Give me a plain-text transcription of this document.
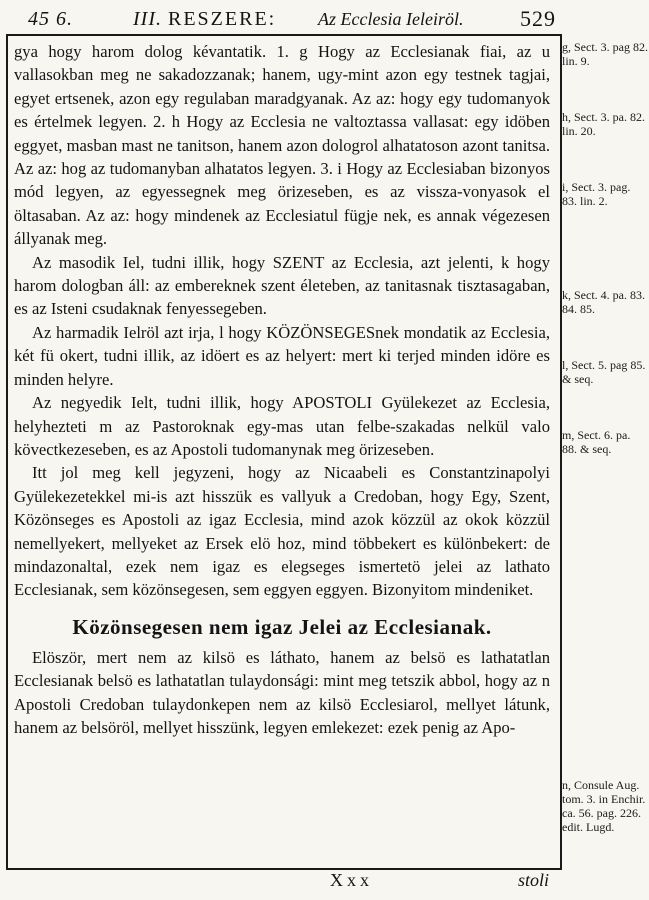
45 6.	III. RESZERE: Az Ecclesia Ieleiröl.	529

gya hogy harom dolog kévantatik. 1. g Hogy az Ecclesianak fiai, az u vallasokban meg ne sakadozzanak; hanem, ugy-mint azon egy testnek tagjai, egyet ertsenek, azon egy regulaban maradgyanak. Az az: hogy egy tudomanyok es értelmek legyen. 2. h Hogy az Ecclesia ne valtoztassa vallasat: egy idöben eggyet, masban mast ne tanitson, hanem azon dologrol alhatatoson azont tanitsa. Az az: hog az tudomanyban alhatatos legyen. 3. i Hogy az Ecclesiaban bizonyos mód legyen, az egyessegnek meg örizeseben, es az vissza-vonyasok el öltasaban. Az az: hogy mindenek az Ecclesiatul fügje nek, es annak végezesen állyanak meg.

Az masodik Iel, tudni illik, hogy SZENT az Ecclesia, azt jelenti, k hogy harom dologban áll: az embereknek szent életeben, az tanitasnak tisztasagaban, es az Isteni csudaknak fenyessegeben.

Az harmadik Ielröl azt irja, l hogy KÖZÖNSEGESnek mondatik az Ecclesia, két fü okert, tudni illik, az idöert es az helyert: mert ki terjed minden idöre es minden helyre.

Az negyedik Ielt, tudni illik, hogy APOSTOLI Gyülekezet az Ecclesia, helyhezteti m az Pastoroknak egy-mas utan felbe-szakadas nelkül valo kövectkezeseben, es az Apostoli tudomanynak meg örizeseben.

Itt jol meg kell jegyzeni, hogy az Nicaabeli es Constantzinapolyi Gyülekezetekkel mi-is azt hisszük es vallyuk a Credoban, hogy Egy, Szent, Közönseges es Apostoli az igaz Ecclesia, mind azok közzül az okok közzül nemellyekert, mellyeket az Ersek elö hoz, mind többekert es különbekert: de mindazonaltal, ezek nem igaz es elegseges ismertetö jelei az lathato Ecclesianak, sem közönsegesen, sem eggyen eggyen. Bizonyitom mindeniket.

Közönsegesen nem igaz Jelei az Ecclesianak.

Elöször, mert nem az kilsö es láthato, hanem az belsö es lathatatlan Ecclesianak belsö es lathatatlan tulaydonsági: mint meg tetszik abbol, hogy az n Apostoli Credoban tulaydonkepen nem az kilsö Ecclesiarol, mellyet látunk, hanem az belsöröl, mellyet hisszünk, legyen emlekezet: ezek penig az Apo-

g, Sect. 3. pag 82. lin. 9.
h, Sect. 3. pa. 82. lin. 20.
i, Sect. 3. pag. 83. lin. 2.
k, Sect. 4. pa. 83. 84. 85.
l, Sect. 5. pag 85. & seq.
m, Sect. 6. pa. 88. & seq.
n, Consule Aug. tom. 3. in Enchir. ca. 56. pag. 226. edit. Lugd.
Xxx	stoli
